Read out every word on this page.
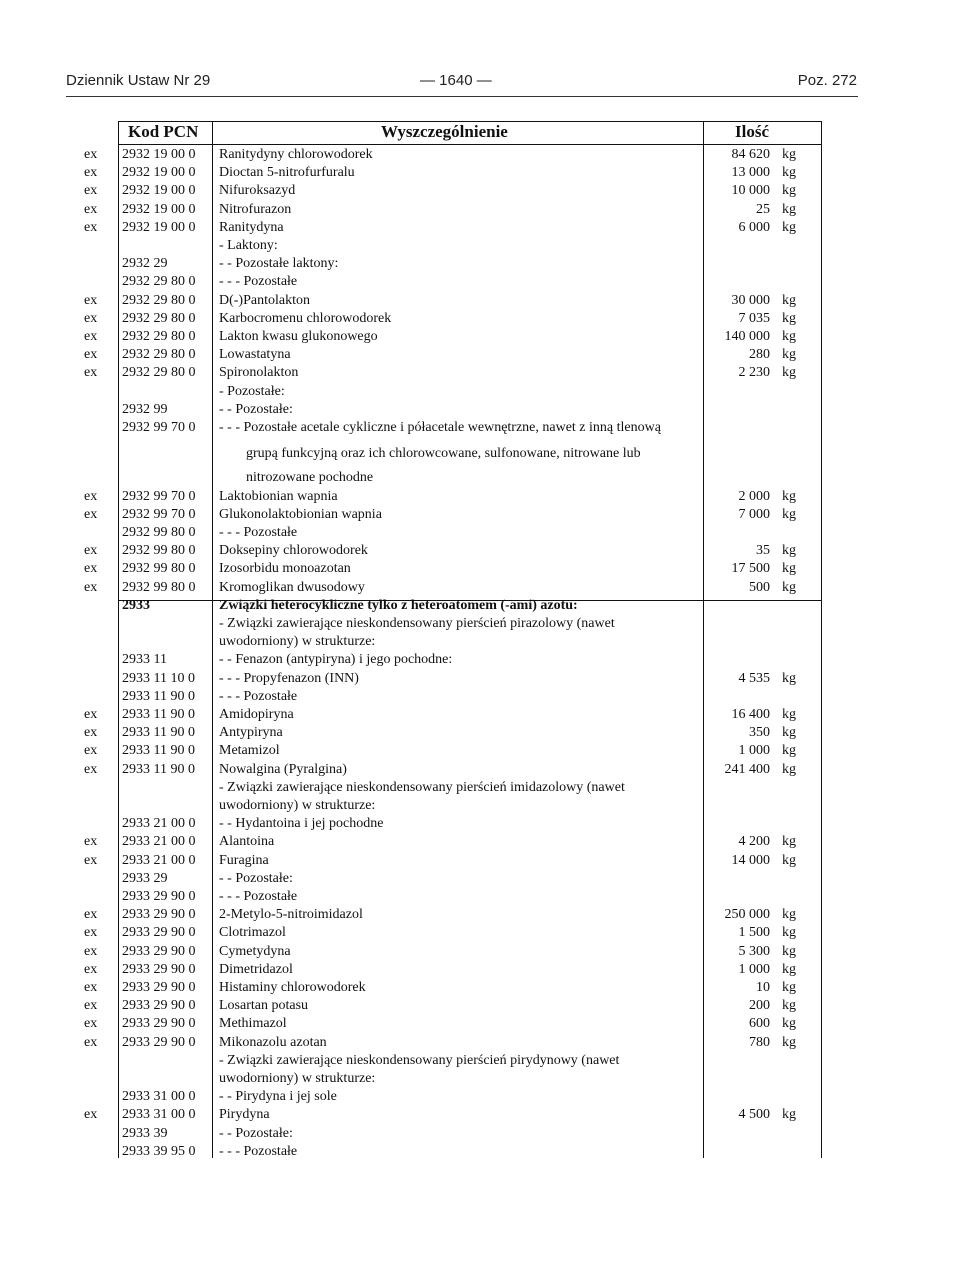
Dziennik Ustaw Nr 29	— 1640 —	Poz. 272
Kod PCN	Wyszczególnienie	Ilość
ex	2932 19 00 0	Ranitydyny chlorowodorek	84 620 kg
ex	2932 19 00 0	Dioctan 5-nitrofurfuralu	13 000 kg
ex	2932 19 00 0	Nifuroksazyd	10 000 kg
ex	2932 19 00 0	Nitrofurazon	25 kg
ex	2932 19 00 0	Ranitydyna	6 000 kg
- Laktony:
2932 29	- - Pozostałe laktony:
2932 29 80 0	- - - Pozostałe
ex	2932 29 80 0	D(-)Pantolakton	30 000 kg
ex	2932 29 80 0	Karbocromenu chlorowodorek	7 035 kg
ex	2932 29 80 0	Lakton kwasu glukonowego	140 000 kg
ex	2932 29 80 0	Lowastatyna	280 kg
ex	2932 29 80 0	Spironolakton	2 230 kg
- Pozostałe:
2932 99	- - Pozostałe:
2932 99 70 0	- - - Pozostałe acetale cykliczne i półacetale wewnętrzne, nawet z inną tlenową
grupą funkcyjną oraz ich chlorowcowane, sulfonowane, nitrowane lub
nitrozowane pochodne
ex	2932 99 70 0	Laktobionian wapnia	2 000 kg
ex	2932 99 70 0	Glukonolaktobionian wapnia	7 000 kg
2932 99 80 0	- - - Pozostałe
ex	2932 99 80 0	Doksepiny chlorowodorek	35 kg
ex	2932 99 80 0	Izosorbidu monoazotan	17 500 kg
ex	2932 99 80 0	Kromoglikan dwusodowy	500 kg
2933	Związki heterocykliczne tylko z heteroatomem (-ami) azotu:
- Związki zawierające nieskondensowany pierścień pirazolowy (nawet
uwodorniony) w strukturze:
2933 11	- - Fenazon (antypiryna) i jego pochodne:
2933 11 10 0	- - - Propyfenazon (INN)	4 535 kg
2933 11 90 0	- - - Pozostałe
ex	2933 11 90 0	Amidopiryna	16 400 kg
ex	2933 11 90 0	Antypiryna	350 kg
ex	2933 11 90 0	Metamizol	1 000 kg
ex	2933 11 90 0	Nowalgina (Pyralgina)	241 400 kg
- Związki zawierające nieskondensowany pierścień imidazolowy (nawet
uwodorniony) w strukturze:
2933 21 00 0	- - Hydantoina i jej pochodne
ex	2933 21 00 0	Alantoina	4 200 kg
ex	2933 21 00 0	Furagina	14 000 kg
2933 29	- - Pozostałe:
2933 29 90 0	- - - Pozostałe
ex	2933 29 90 0	2-Metylo-5-nitroimidazol	250 000 kg
ex	2933 29 90 0	Clotrimazol	1 500 kg
ex	2933 29 90 0	Cymetydyna	5 300 kg
ex	2933 29 90 0	Dimetridazol	1 000 kg
ex	2933 29 90 0	Histaminy chlorowodorek	10 kg
ex	2933 29 90 0	Losartan potasu	200 kg
ex	2933 29 90 0	Methimazol	600 kg
ex	2933 29 90 0	Mikonazolu azotan	780 kg
- Związki zawierające nieskondensowany pierścień pirydynowy (nawet
uwodorniony) w strukturze:
2933 31 00 0	- - Pirydyna i jej sole
ex	2933 31 00 0	Pirydyna	4 500 kg
2933 39	- - Pozostałe:
2933 39 95 0	- - - Pozostałe
